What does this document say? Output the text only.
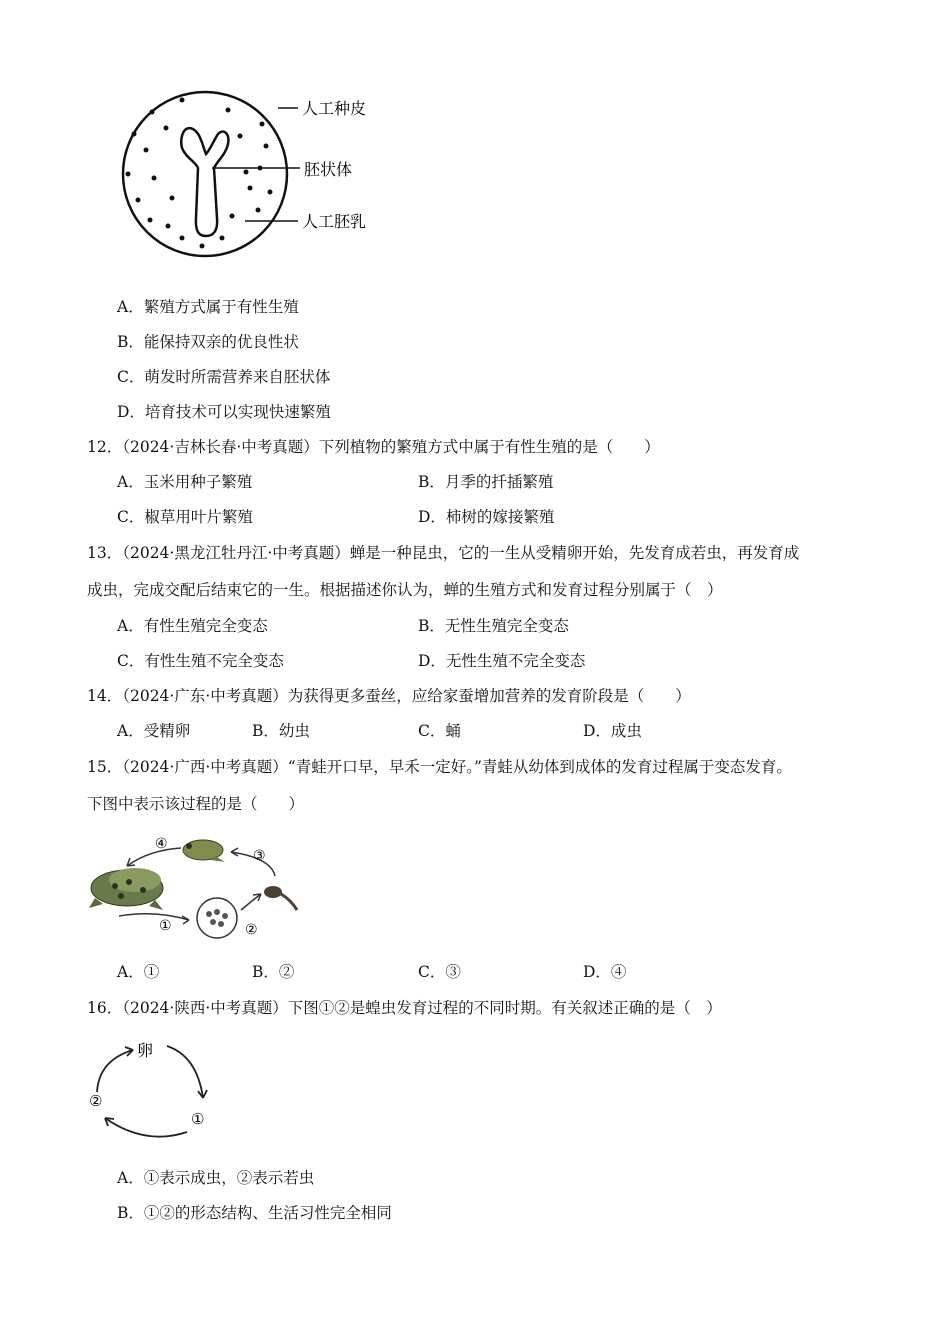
人工种皮
胚状体
人工胚乳
A．繁殖方式属于有性生殖
B．能保持双亲的优良性状
C．萌发时所需营养来自胚状体
D．培育技术可以实现快速繁殖
12．（2024·吉林长春·中考真题）下列植物的繁殖方式中属于有性生殖的是（　　）
A．玉米用种子繁殖	B．月季的扦插繁殖
C．椒草用叶片繁殖	D．柿树的嫁接繁殖
13．（2024·黑龙江牡丹江·中考真题）蝉是一种昆虫，它的一生从受精卵开始，先发育成若虫，再发育成
成虫，完成交配后结束它的一生。根据描述你认为，蝉的生殖方式和发育过程分别属于（　）
A．有性生殖完全变态	B．无性生殖完全变态
C．有性生殖不完全变态	D．无性生殖不完全变态
14．（2024·广东·中考真题）为获得更多蚕丝，应给家蚕增加营养的发育阶段是（　　）
A．受精卵	B．幼虫	C．蛹	D．成虫
15．（2024·广西·中考真题）“青蛙开口早，早禾一定好。”青蛙从幼体到成体的发育过程属于变态发育。
下图中表示该过程的是（　　）
①	②
③
④
A．①	B．②	C．③	D．④
16．（2024·陕西·中考真题）下图①②是蝗虫发育过程的不同时期。有关叙述正确的是（　）
卵
①
②
A．①表示成虫，②表示若虫
B．①②的形态结构、生活习性完全相同
